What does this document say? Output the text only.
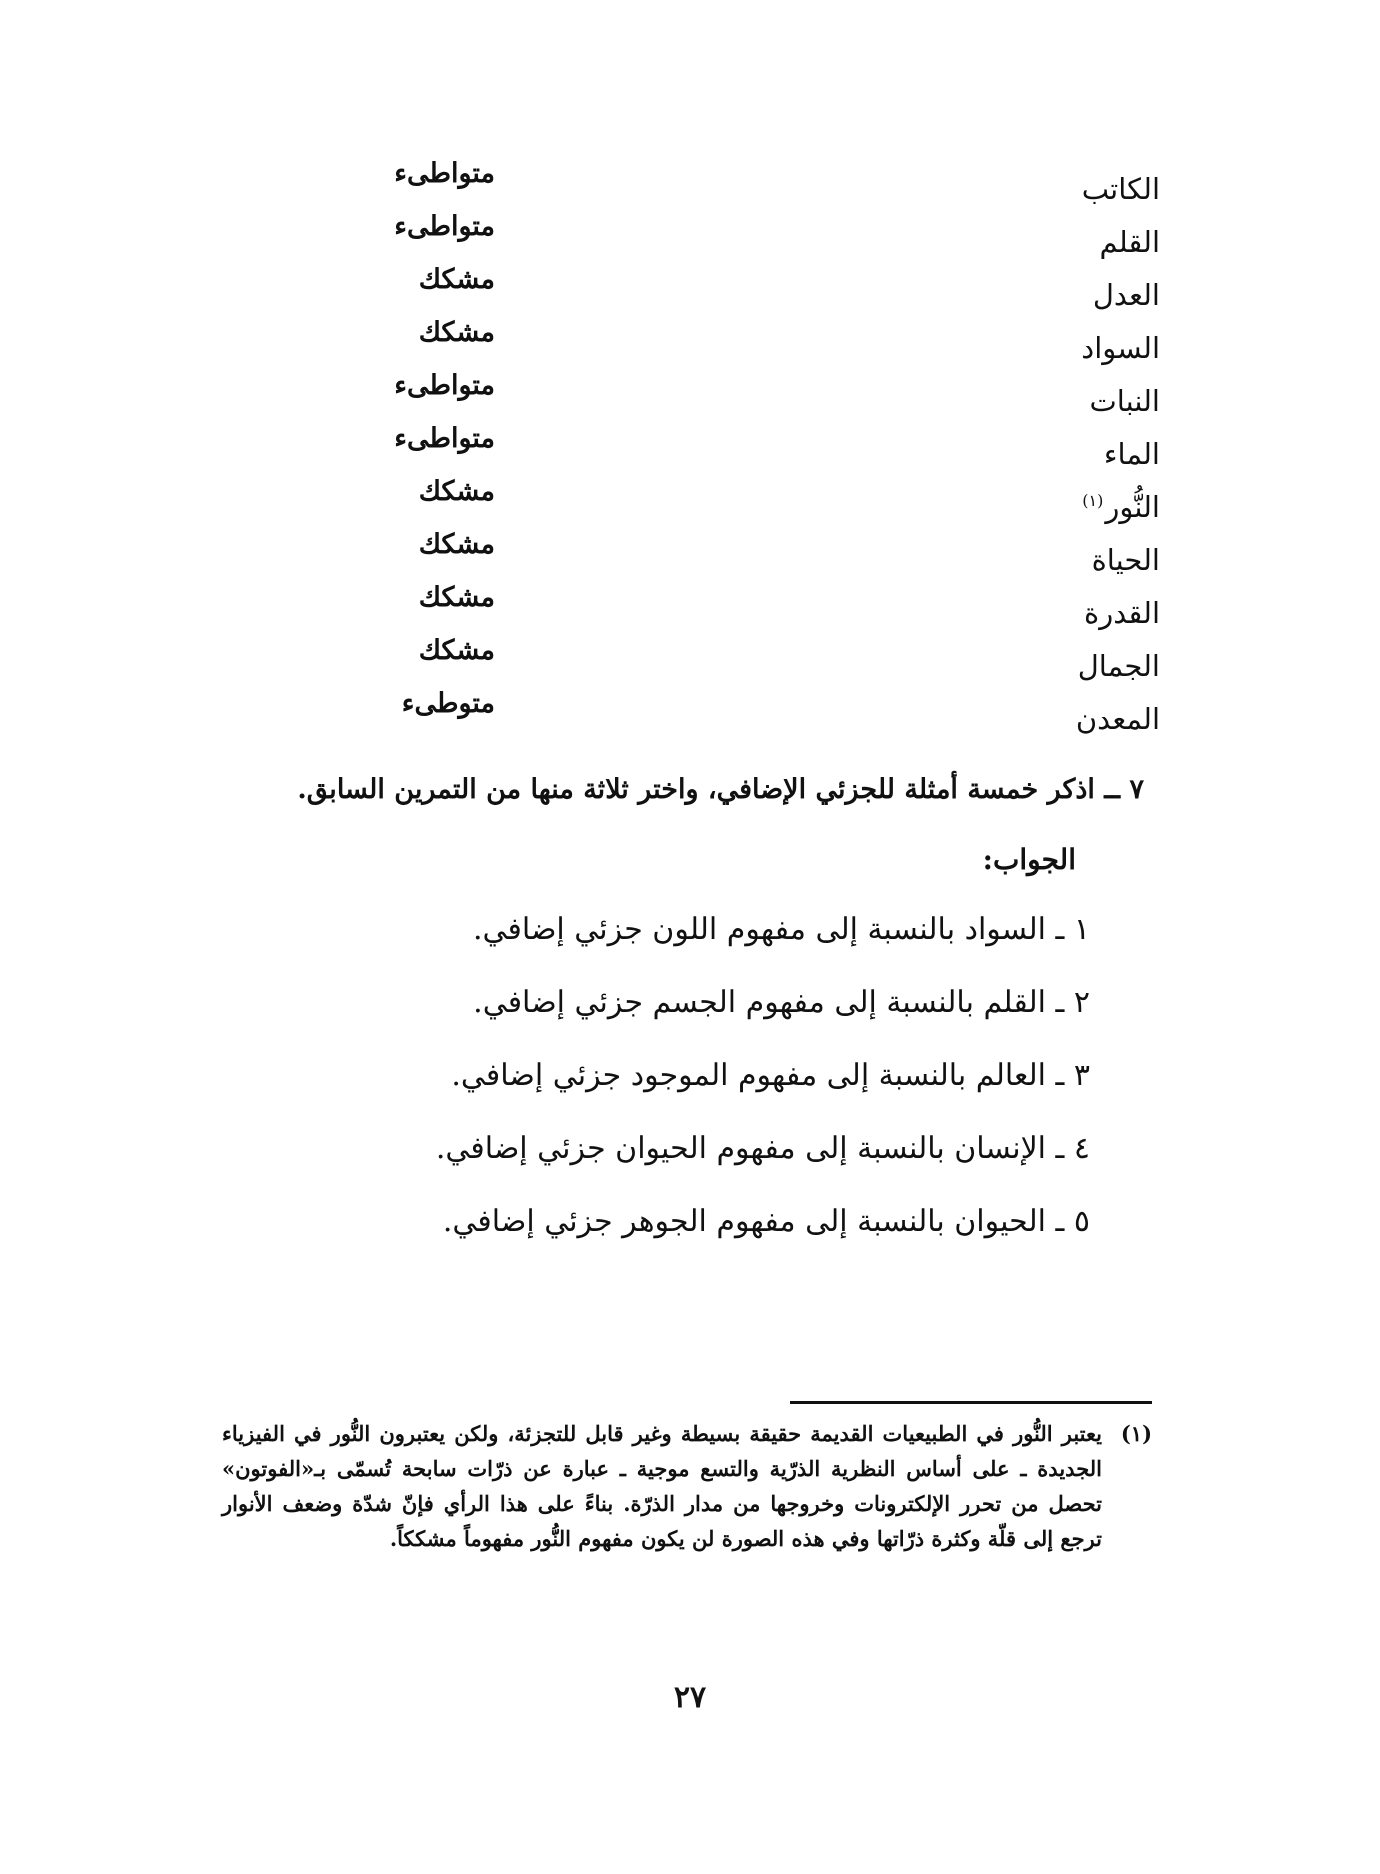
الكاتب
متواطىء
القلم
متواطىء
العدل
مشكك
السواد
مشكك
النبات
متواطىء
الماء
متواطىء
النُّور$^{(١)}$
مشكك
الحياة
مشكك
القدرة
مشكك
الجمال
مشكك
المعدن
متوطىء
٧ ــ اذكر خمسة أمثلة للجزئي الإضافي، واختر ثلاثة منها من التمرين السابق.
الجواب:
١ ـ السواد بالنسبة إلى مفهوم اللون جزئي إضافي.
٢ ـ القلم بالنسبة إلى مفهوم الجسم جزئي إضافي.
٣ ـ العالم بالنسبة إلى مفهوم الموجود جزئي إضافي.
٤ ـ الإنسان بالنسبة إلى مفهوم الحيوان جزئي إضافي.
٥ ـ الحيوان بالنسبة إلى مفهوم الجوهر جزئي إضافي.
(١)
يعتبر النُّور في الطبيعيات القديمة حقيقة بسيطة وغير قابل للتجزئة، ولكن يعتبرون النُّور في الفيزياء الجديدة ـ على أساس النظرية الذرّية والتسع موجية ـ عبارة عن ذرّات سابحة تُسمّى بـ«الفوتون» تحصل من تحرر الإلكترونات وخروجها من مدار الذرّة. بناءً على هذا الرأي فإنّ شدّة وضعف الأنوار ترجع إلى قلّة وكثرة ذرّاتها وفي هذه الصورة لن يكون مفهوم النُّور مفهوماً مشككاً.
٢٧
